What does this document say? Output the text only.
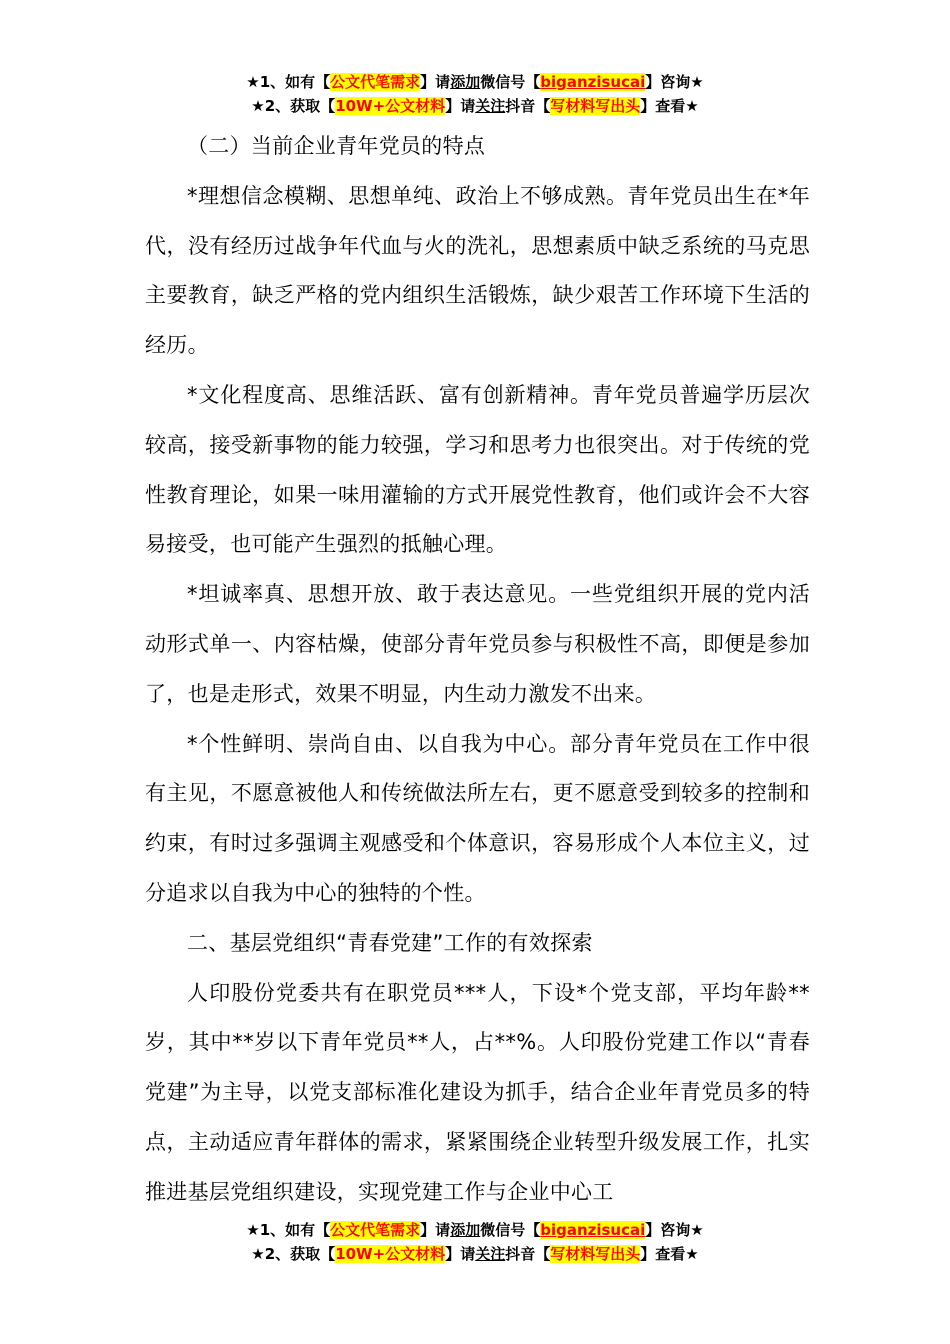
★1、如有【公文代笔需求】请添加微信号【biganzisucai】咨询★
★2、获取【10W+公文材料】请关注抖音【写材料写出头】查看★

（二）当前企业青年党员的特点

*理想信念模糊、思想单纯、政治上不够成熟。青年党员出生在*年代，没有经历过战争年代血与火的洗礼，思想素质中缺乏系统的马克思主要教育，缺乏严格的党内组织生活锻炼，缺少艰苦工作环境下生活的经历。

*文化程度高、思维活跃、富有创新精神。青年党员普遍学历层次较高，接受新事物的能力较强，学习和思考力也很突出。对于传统的党性教育理论，如果一味用灌输的方式开展党性教育，他们或许会不大容易接受，也可能产生强烈的抵触心理。

*坦诚率真、思想开放、敢于表达意见。一些党组织开展的党内活动形式单一、内容枯燥，使部分青年党员参与积极性不高，即便是参加了，也是走形式，效果不明显，内生动力激发不出来。

*个性鲜明、崇尚自由、以自我为中心。部分青年党员在工作中很有主见，不愿意被他人和传统做法所左右，更不愿意受到较多的控制和约束，有时过多强调主观感受和个体意识，容易形成个人本位主义，过分追求以自我为中心的独特的个性。

二、基层党组织“青春党建”工作的有效探索

人印股份党委共有在职党员***人，下设*个党支部，平均年龄**岁，其中**岁以下青年党员**人，占**%。人印股份党建工作以“青春党建”为主导，以党支部标准化建设为抓手，结合企业年青党员多的特点，主动适应青年群体的需求，紧紧围绕企业转型升级发展工作，扎实推进基层党组织建设，实现党建工作与企业中心工

★1、如有【公文代笔需求】请添加微信号【biganzisucai】咨询★
★2、获取【10W+公文材料】请关注抖音【写材料写出头】查看★
